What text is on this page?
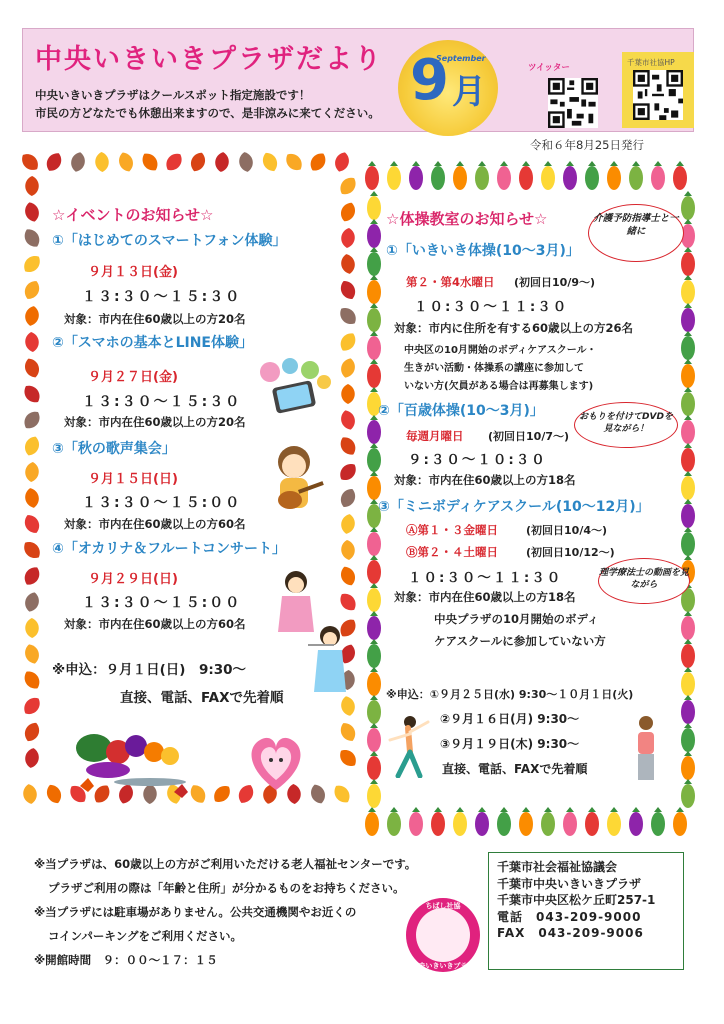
中央いきいきプラザだより
中央いきいきプラザはクールスポット指定施設です！
市民の方どなたでも休憩出来ますので、是非涼みに来てください。 9 月
September
ツイッター
千葉市社協HP
令和６年8月25日発行
☆イベントのお知らせ☆
①「はじめてのスマートフォン体験」
９月１３日(金)
１３:３０～１５:３０
対象：市内在住60歳以上の方20名
②「スマホの基本とLINE体験」
９月２７日(金)
１３:３０～１５:３０
対象：市内在住60歳以上の方20名
③「秋の歌声集会」
９月１５日(日)
１３:３０～１５:００
対象：市内在住60歳以上の方60名
④「オカリナ＆フルートコンサート」
９月２９日(日)
１３:３０～１５:００
対象：市内在住60歳以上の方60名
※申込：９月１日(日)　9:30～
直接、電話、FAXで先着順
☆体操教室のお知らせ☆	介護予防指導士と一緒に
①「いきいき体操(10～3月)」
第２・第4水曜日 (初回日10/9～)
１０:３０～１１:３０
対象：市内に住所を有する60歳以上の方26名
中央区の10月開始のボディケアスクール・
生きがい活動・体操系の講座に参加して
いない方(欠員がある場合は再募集します)
②「百歳体操(10～3月)」	おもりを付けてDVDを見ながら！
毎週月曜日 (初回日10/7～)
９:３０～１０:３０
対象：市内在住60歳以上の方18名
③「ミニボディケアスクール(10～12月)」
Ⓐ第１・３金曜日	(初回日10/4～)
Ⓑ第２・４土曜日	(初回日10/12～)
１０:３０～１１:３０	理学療法士の動画を見ながら
対象：市内在住60歳以上の方18名
中央プラザの10月開始のボディ
ケアスクールに参加していない方
※申込：①９月２５日(水) 9:30～１０月１日(火)
②９月１６日(月) 9:30～
③９月１９日(木) 9:30～
直接、電話、FAXで先着順
※当プラザは、60歳以上の方がご利用いただける老人福祉センターです。
プラザご利用の際は「年齢と住所」が分かるものをお持ちください。
※当プラザには駐車場がありません。公共交通機関やお近くの
コインパーキングをご利用ください。
※開館時間　９：００～１７：１５
ちばし社協
中央いきいきプラザ
千葉市社会福祉協議会
千葉市中央いきいきプラザ
千葉市中央区松ケ丘町257-1
電話　043-209-9000
FAX　043-209-9006
